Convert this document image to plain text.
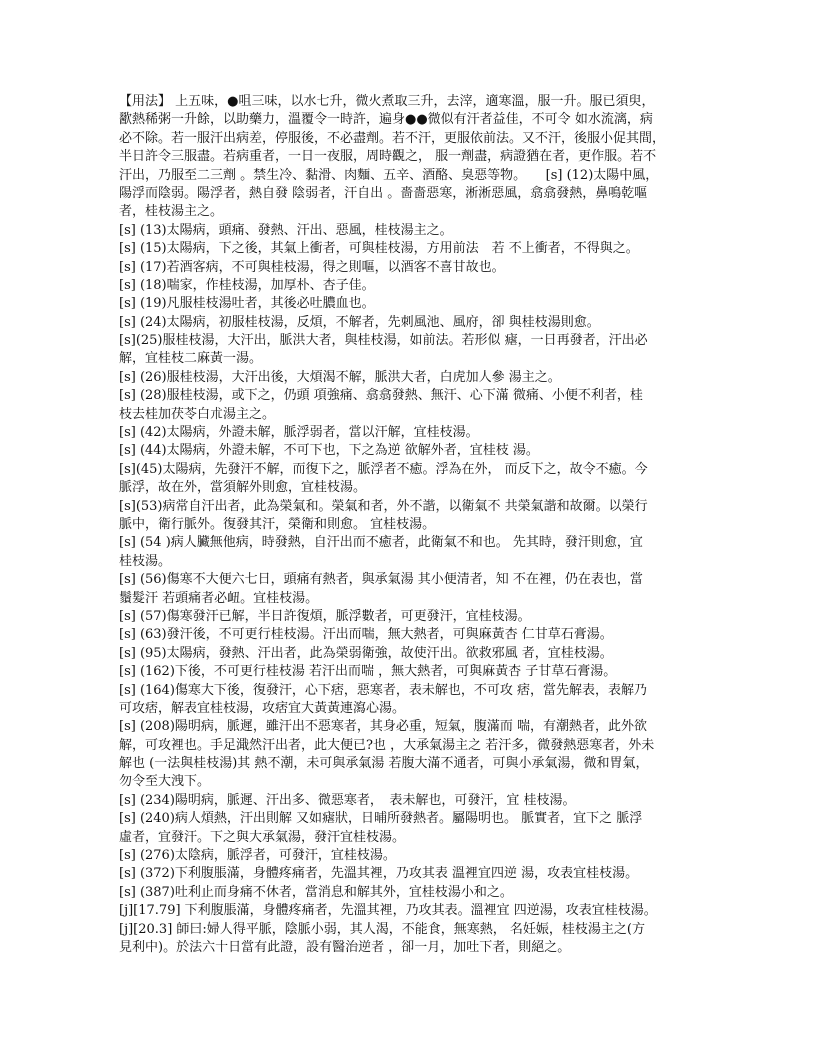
【用法】 上五味，●咀三味，以水七升，微火煮取三升，去滓，適寒溫，服一升。服已須臾，
歠熱稀粥一升餘，以助藥力，溫覆令一時許，遍身●●微似有汗者益佳，不可令 如水流漓，病
必不除。若一服汗出病差，停服後，不必盡劑。若不汗，更服依前法。又不汗，後服小促其間，
半日許令三服盡。若病重者，一日一夜服，周時觀之， 服一劑盡，病證猶在者，更作服。若不
汗出，乃服至二三劑 。禁生冷、黏滑、肉麵、五辛、酒酪、臭惡等物。　　[s] (12)太陽中風，
陽浮而陰弱。陽浮者，熱自發 陰弱者，汗自出 。嗇嗇惡寒，淅淅惡風，翕翕發熱，鼻鳴乾嘔
者，桂枝湯主之。
[s] (13)太陽病，頭痛、發熱、汗出、惡風，桂枝湯主之。
[s] (15)太陽病，下之後，其氣上衝者，可與桂枝湯，方用前法　若 不上衝者，不得與之。
[s] (17)若酒客病，不可與桂枝湯，得之則嘔，以酒客不喜甘故也。
[s] (18)喘家，作桂枝湯，加厚朴、杏子佳。
[s] (19)凡服桂枝湯吐者，其後必吐膿血也。
[s] (24)太陽病，初服桂枝湯，反煩，不解者，先刺風池、風府，卻 與桂枝湯則愈。
[s](25)服桂枝湯，大汗出，脈洪大者，與桂枝湯，如前法。若形似 瘧，一日再發者，汗出必
解，宜桂枝二麻黃一湯。
[s] (26)服桂枝湯，大汗出後，大煩渴不解，脈洪大者，白虎加人參 湯主之。
[s] (28)服桂枝湯，或下之，仍頭 項強痛、翕翕發熱、無汗、心下滿 微痛、小便不利者，桂
枝去桂加茯苓白朮湯主之。
[s] (42)太陽病，外證未解，脈浮弱者，當以汗解，宜桂枝湯。
[s] (44)太陽病，外證未解，不可下也，下之為逆 欲解外者，宜桂枝 湯。
[s](45)太陽病，先發汗不解，而復下之，脈浮者不癒。浮為在外， 而反下之，故令不癒。今
脈浮，故在外，當須解外則愈，宜桂枝湯。
[s](53)病常自汗出者，此為榮氣和。榮氣和者，外不諧，以衛氣不 共榮氣諧和故爾。以榮行
脈中，衛行脈外。復發其汗，榮衛和則愈。 宜桂枝湯。
[s] (54 )病人臟無他病，時發熱，自汗出而不癒者，此衛氣不和也。 先其時，發汗則愈，宜
桂枝湯。
[s] (56)傷寒不大便六七日，頭痛有熱者，與承氣湯 其小便清者，知 不在裡，仍在表也，當
鬚髮汗 若頭痛者必衄。宜桂枝湯。
[s] (57)傷寒發汗已解，半日許復煩，脈浮數者，可更發汗，宜桂枝湯。
[s] (63)發汗後，不可更行桂枝湯。汗出而喘，無大熱者，可與麻黃杏 仁甘草石膏湯。
[s] (95)太陽病，發熱、汗出者，此為榮弱衛強，故使汗出。欲救邪風 者，宜桂枝湯。
[s] (162)下後，不可更行桂枝湯 若汗出而喘 ，無大熱者，可與麻黃杏 子甘草石膏湯。
[s] (164)傷寒大下後，復發汗，心下痞，惡寒者，表未解也，不可攻 痞，當先解表，表解乃
可攻痞，解表宜桂枝湯，攻痞宜大黃黃連瀉心湯。
[s] (208)陽明病，脈遲，雖汗出不惡寒者，其身必重，短氣，腹滿而 喘，有潮熱者，此外欲
解，可攻裡也。手足濈然汗出者，此大便已?也 ，大承氣湯主之 若汗多，微發熱惡寒者，外未
解也 (一法與桂枝湯)其 熱不潮，未可與承氣湯 若腹大滿不通者，可與小承氣湯，微和胃氣，
勿令至大洩下。
[s] (234)陽明病，脈遲、汗出多、微惡寒者，　表未解也，可發汗，宜 桂枝湯。
[s] (240)病人煩熱，汗出則解 又如瘧狀，日晡所發熱者。屬陽明也。 脈實者，宜下之 脈浮
虛者，宜發汗。下之與大承氣湯，發汗宜桂枝湯。
[s] (276)太陰病，脈浮者，可發汗，宜桂枝湯。
[s] (372)下利腹脹滿，身體疼痛者，先溫其裡，乃攻其表 溫裡宜四逆 湯，攻表宜桂枝湯。
[s] (387)吐利止而身痛不休者，當消息和解其外，宜桂枝湯小和之。
[j][17.79] 下利腹脹滿，身體疼痛者，先溫其裡，乃攻其表。溫裡宜 四逆湯，攻表宜桂枝湯。
[j][20.3] 師曰:婦人得平脈，陰脈小弱，其人渴，不能食，無寒熱， 名妊娠，桂枝湯主之(方
見利中)。於法六十日當有此證，設有醫治逆者 ，卻一月，加吐下者，則絕之。
